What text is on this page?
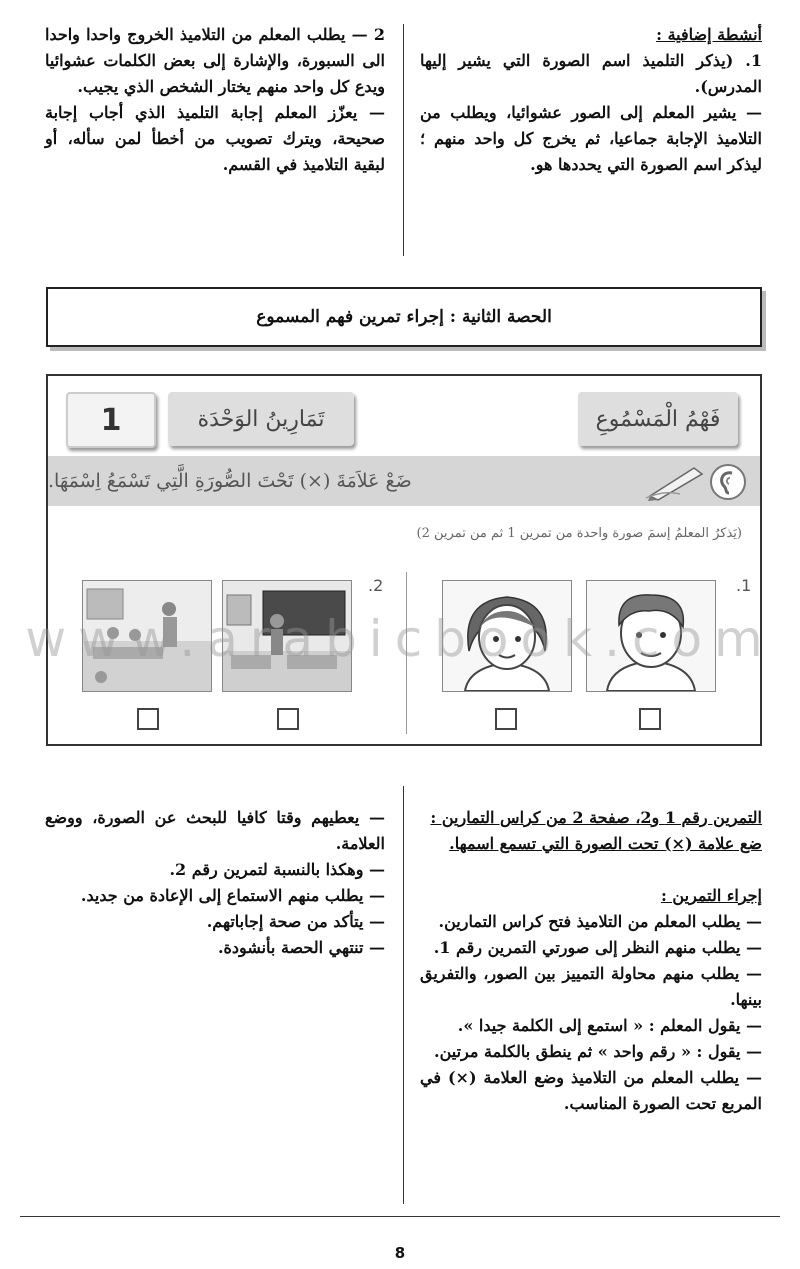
أنشطة إضافية :

1. (يذكر التلميذ اسم الصورة التي يشير إليها المدرس).

— يشير المعلم إلى الصور عشوائيا، ويطلب من التلاميذ الإجابة جماعيا، ثم يخرج كل واحد منهم ؛ ليذكر اسم الصورة التي يحددها هو.

2 — يطلب المعلم من التلاميذ الخروج واحدا واحدا الى السبورة، والإشارة إلى بعض الكلمات عشوائيا ويدع كل واحد منهم يختار الشخص الذي يجيب.

— يعزّز المعلم إجابة التلميذ الذي أجاب إجابة صحيحة، ويترك تصويب من أخطأ لمن سأله، أو لبقية التلاميذ في القسم.

الحصة الثانية : إجراء تمرين فهم المسموع
فَهْمُ الْمَسْمُوعِ
تَمَارِينُ الوَحْدَة
1
ضَعْ عَلاَمَةَ (×) تَحْتَ الصُّورَةِ الَّتِي تَسْمَعُ اِسْمَهَا.
(يَذكرُ المعلمُ إسمَ صورة واحدة من تمرين 1 ثم من تمرين 2)
.1
.2
www.arabicbook.com

التمرين رقم 1 و2، صفحة 2 من كراس التمارين :

ضع علامة (×) تحت الصورة التي تسمع اسمها.

إجراء التمرين :

— يطلب المعلم من التلاميذ فتح كراس التمارين.

— يطلب منهم النظر إلى صورتي التمرين رقم 1.

— يطلب منهم محاولة التمييز بين الصور، والتفريق بينها.

— يقول المعلم : « استمع إلى الكلمة جيدا ».

— يقول : « رقم واحد » ثم ينطق بالكلمة مرتين.

— يطلب المعلم من التلاميذ وضع العلامة (×) في المربع تحت الصورة المناسب.

— يعطيهم وقتا كافيا للبحث عن الصورة، ووضع العلامة.

— وهكذا بالنسبة لتمرين رقم 2.

— يطلب منهم الاستماع إلى الإعادة من جديد.

— يتأكد من صحة إجاباتهم.

— تنتهي الحصة بأنشودة.

8
